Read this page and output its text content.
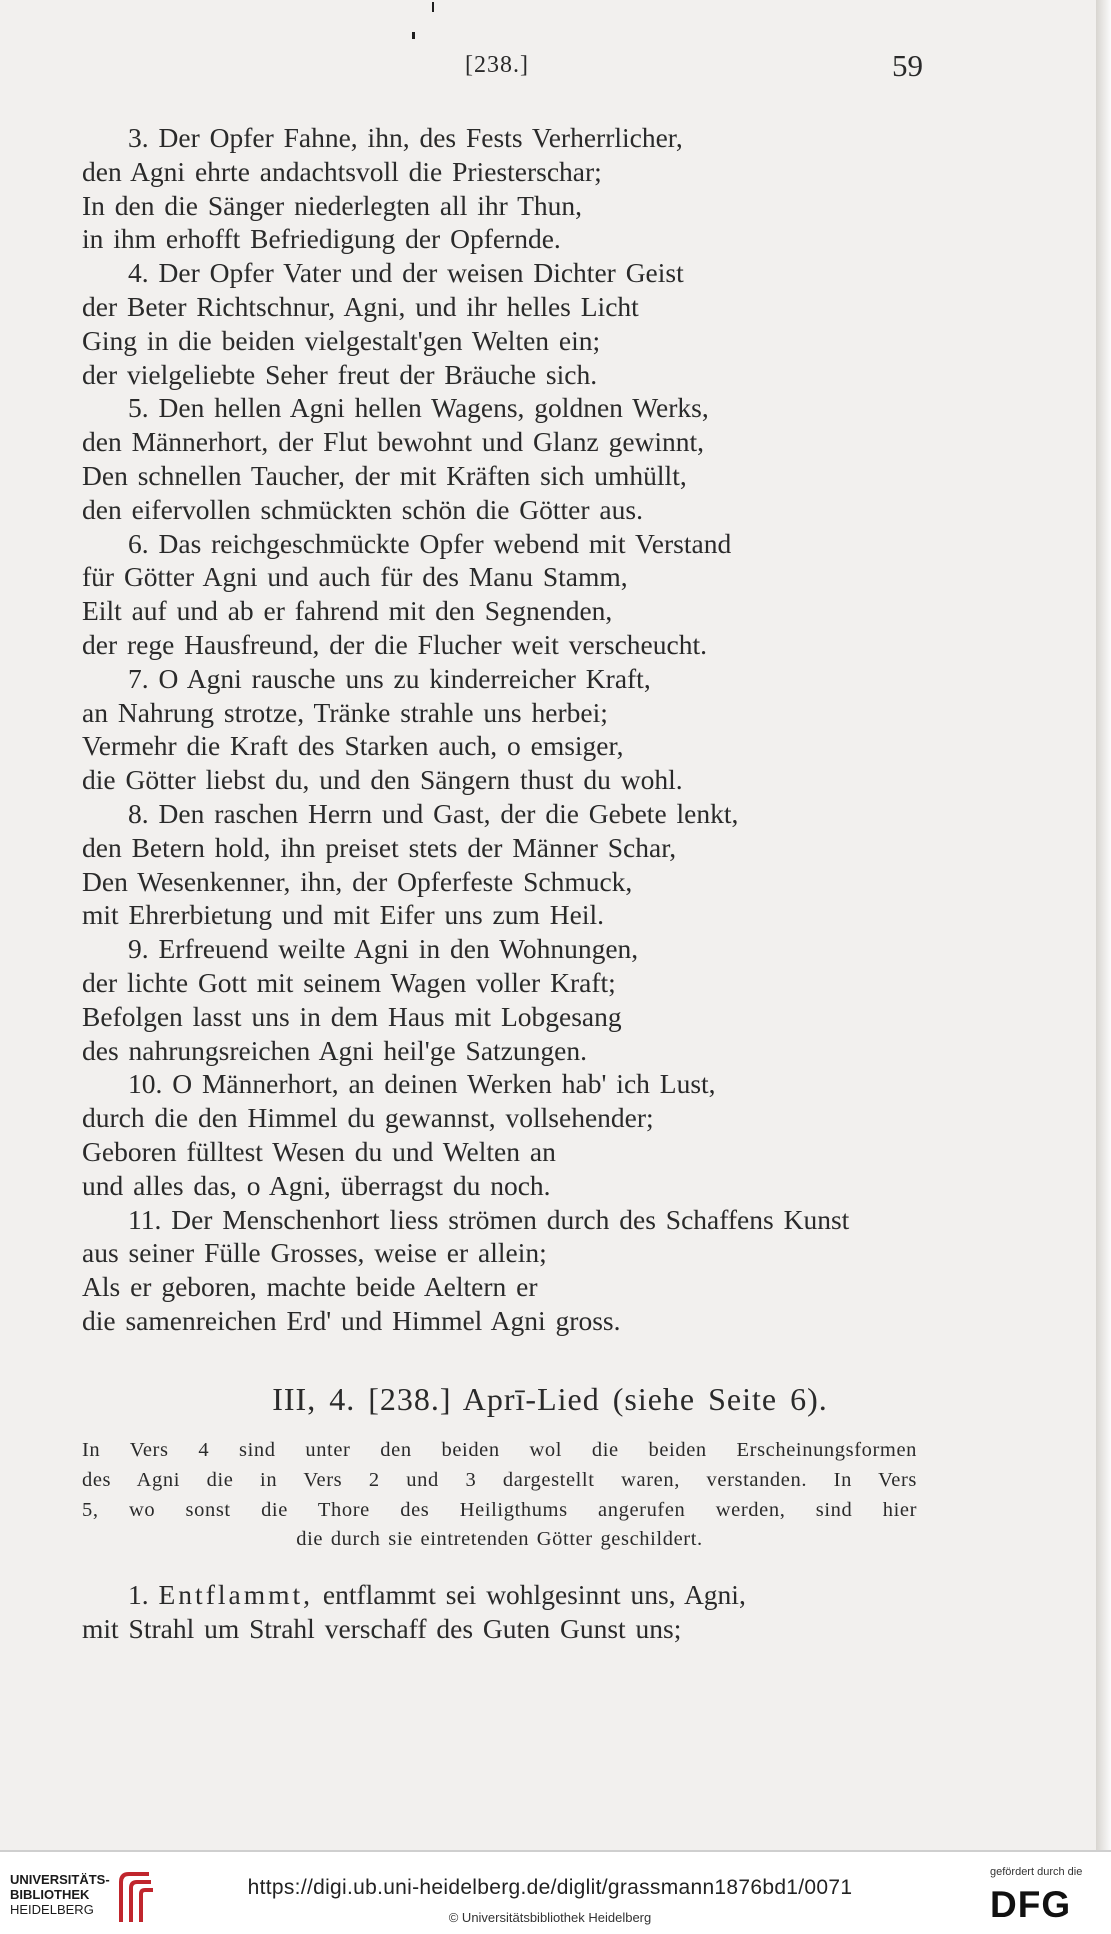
[238.]	59
3. Der Opfer Fahne, ihn, des Fests Verherrlicher,
den Agni ehrte andachtsvoll die Priesterschar;
In den die Sänger niederlegten all ihr Thun,
in ihm erhofft Befriedigung der Opfernde.
4. Der Opfer Vater und der weisen Dichter Geist
der Beter Richtschnur, Agni, und ihr helles Licht
Ging in die beiden vielgestalt'gen Welten ein;
der vielgeliebte Seher freut der Bräuche sich.
5. Den hellen Agni hellen Wagens, goldnen Werks,
den Männerhort, der Flut bewohnt und Glanz gewinnt,
Den schnellen Taucher, der mit Kräften sich umhüllt,
den eifervollen schmückten schön die Götter aus.
6. Das reichgeschmückte Opfer webend mit Verstand
für Götter Agni und auch für des Manu Stamm,
Eilt auf und ab er fahrend mit den Segnenden,
der rege Hausfreund, der die Flucher weit verscheucht.
7. O Agni rausche uns zu kinderreicher Kraft,
an Nahrung strotze, Tränke strahle uns herbei;
Vermehr die Kraft des Starken auch, o emsiger,
die Götter liebst du, und den Sängern thust du wohl.
8. Den raschen Herrn und Gast, der die Gebete lenkt,
den Betern hold, ihn preiset stets der Männer Schar,
Den Wesenkenner, ihn, der Opferfeste Schmuck,
mit Ehrerbietung und mit Eifer uns zum Heil.
9. Erfreuend weilte Agni in den Wohnungen,
der lichte Gott mit seinem Wagen voller Kraft;
Befolgen lasst uns in dem Haus mit Lobgesang
des nahrungsreichen Agni heil'ge Satzungen.
10. O Männerhort, an deinen Werken hab' ich Lust,
durch die den Himmel du gewannst, vollsehender;
Geboren fülltest Wesen du und Welten an
und alles das, o Agni, überragst du noch.
11. Der Menschenhort liess strömen durch des Schaffens Kunst
aus seiner Fülle Grosses, weise er allein;
Als er geboren, machte beide Aeltern er
die samenreichen Erd' und Himmel Agni gross.
III, 4. [238.] Aprī-Lied (siehe Seite 6).
In Vers 4 sind unter den beiden wol die beiden Erscheinungsformen
des Agni die in Vers 2 und 3 dargestellt waren, verstanden. In Vers
5, wo sonst die Thore des Heiligthums angerufen werden, sind hier
die durch sie eintretenden Götter geschildert.
1. Entflammt, entflammt sei wohlgesinnt uns, Agni,
mit Strahl um Strahl verschaff des Guten Gunst uns;
UNIVERSITÄTS-
BIBLIOTHEK
HEIDELBERG
https://digi.ub.uni-heidelberg.de/diglit/grassmann1876bd1/0071
© Universitätsbibliothek Heidelberg
gefördert durch die
DFG
